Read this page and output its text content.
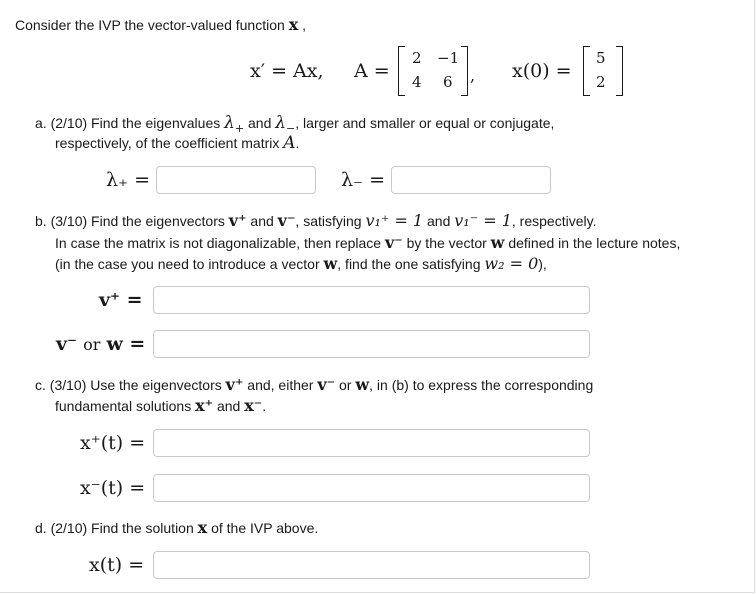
Consider the IVP the vector-valued function x ,
x′ = Ax, A =
2 −1
4 6 , x(0) =
5
2
a. (2/10) Find the eigenvalues $\lambda_+$ and $\lambda_-$, larger and smaller or equal or conjugate,
respectively, of the coefficient matrix A.
λ₊ =	λ₋ =
b. (3/10) Find the eigenvectors v⁺ and v⁻, satisfying v₁⁺ = 1 and v₁⁻ = 1, respectively.
In case the matrix is not diagonalizable, then replace v⁻ by the vector w defined in the lecture notes,
(in the case you need to introduce a vector w, find the one satisfying w₂ = 0),
v⁺ =
v⁻ or w =
c. (3/10) Use the eigenvectors v⁺ and, either v⁻ or w, in (b) to express the corresponding
fundamental solutions x⁺ and x⁻.
x⁺(t) =
x⁻(t) =
d. (2/10) Find the solution x of the IVP above.
x(t) =
